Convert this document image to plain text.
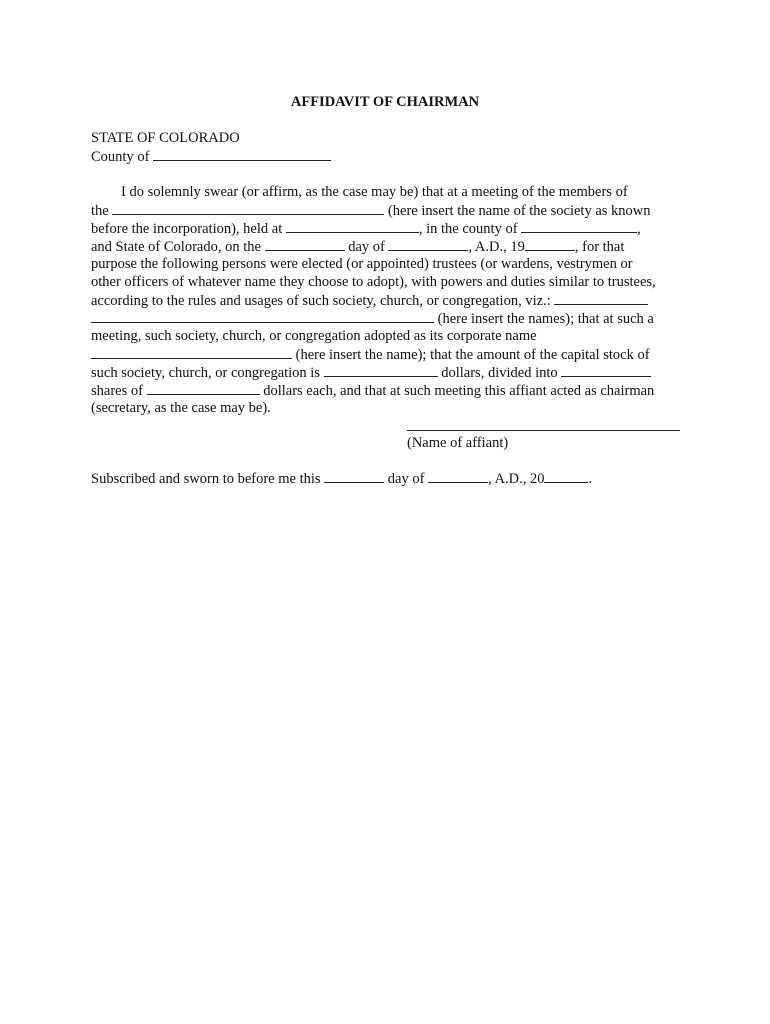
AFFIDAVIT OF CHAIRMAN
STATE OF COLORADO
County of
I do solemnly swear (or affirm, as the case may be) that at a meeting of the members of
the	(here insert the name of the society as known
before the incorporation), held at	, in the county of	,
and State of Colorado, on the	day of	, A.D., 19	, for that
purpose the following persons were elected (or appointed) trustees (or wardens, vestrymen or
other officers of whatever name they choose to adopt), with powers and duties similar to trustees,
according to the rules and usages of such society, church, or congregation, viz.:
(here insert the names); that at such a
meeting, such society, church, or congregation adopted as its corporate name
(here insert the name); that the amount of the capital stock of
such society, church, or congregation is	dollars, divided into
shares of	dollars each, and that at such meeting this affiant acted as chairman
(secretary, as the case may be).
(Name of affiant)
Subscribed and sworn to before me this	day of	, A.D., 20	.
